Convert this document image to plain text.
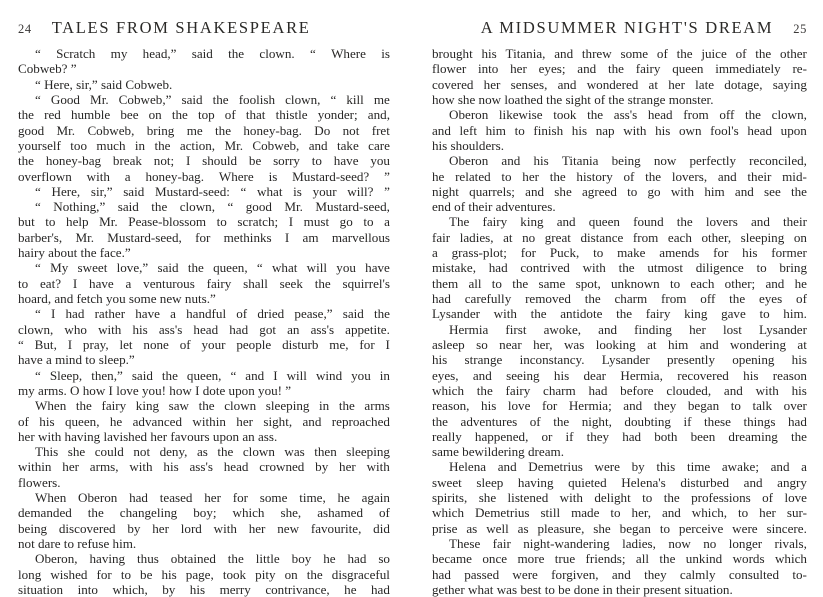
24 TALES FROM SHAKESPEARE	A MIDSUMMER NIGHT'S DREAM 25
“ Scratch my head,” said the clown. “ Where is
Cobweb? ”
“ Here, sir,” said Cobweb.
“ Good Mr. Cobweb,” said the foolish clown, “ kill me
the red humble bee on the top of that thistle yonder; and,
good Mr. Cobweb, bring me the honey-bag. Do not fret
yourself too much in the action, Mr. Cobweb, and take care
the honey-bag break not; I should be sorry to have you
overflown with a honey-bag. Where is Mustard-seed? ”
“ Here, sir,” said Mustard-seed: “ what is your will? ”
“ Nothing,” said the clown, “ good Mr. Mustard-seed,
but to help Mr. Pease-blossom to scratch; I must go to a
barber's, Mr. Mustard-seed, for methinks I am marvellous
hairy about the face.”
“ My sweet love,” said the queen, “ what will you have
to eat? I have a venturous fairy shall seek the squirrel's
hoard, and fetch you some new nuts.”
“ I had rather have a handful of dried pease,” said the
clown, who with his ass's head had got an ass's appetite.
“ But, I pray, let none of your people disturb me, for I
have a mind to sleep.”
“ Sleep, then,” said the queen, “ and I will wind you in
my arms. O how I love you! how I dote upon you! ”
When the fairy king saw the clown sleeping in the arms
of his queen, he advanced within her sight, and reproached
her with having lavished her favours upon an ass.
This she could not deny, as the clown was then sleeping
within her arms, with his ass's head crowned by her with
flowers.
When Oberon had teased her for some time, he again
demanded the changeling boy; which she, ashamed of
being discovered by her lord with her new favourite, did
not dare to refuse him.
Oberon, having thus obtained the little boy he had so
long wished for to be his page, took pity on the disgraceful
situation into which, by his merry contrivance, he had
brought his Titania, and threw some of the juice of the other
flower into her eyes; and the fairy queen immediately re-
covered her senses, and wondered at her late dotage, saying
how she now loathed the sight of the strange monster.
Oberon likewise took the ass's head from off the clown,
and left him to finish his nap with his own fool's head upon
his shoulders.
Oberon and his Titania being now perfectly reconciled,
he related to her the history of the lovers, and their mid-
night quarrels; and she agreed to go with him and see the
end of their adventures.
The fairy king and queen found the lovers and their
fair ladies, at no great distance from each other, sleeping on
a grass-plot; for Puck, to make amends for his former
mistake, had contrived with the utmost diligence to bring
them all to the same spot, unknown to each other; and he
had carefully removed the charm from off the eyes of
Lysander with the antidote the fairy king gave to him.
Hermia first awoke, and finding her lost Lysander
asleep so near her, was looking at him and wondering at
his strange inconstancy. Lysander presently opening his
eyes, and seeing his dear Hermia, recovered his reason
which the fairy charm had before clouded, and with his
reason, his love for Hermia; and they began to talk over
the adventures of the night, doubting if these things had
really happened, or if they had both been dreaming the
same bewildering dream.
Helena and Demetrius were by this time awake; and a
sweet sleep having quieted Helena's disturbed and angry
spirits, she listened with delight to the professions of love
which Demetrius still made to her, and which, to her sur-
prise as well as pleasure, she began to perceive were sincere.
These fair night-wandering ladies, now no longer rivals,
became once more true friends; all the unkind words which
had passed were forgiven, and they calmly consulted to-
gether what was best to be done in their present situation.
